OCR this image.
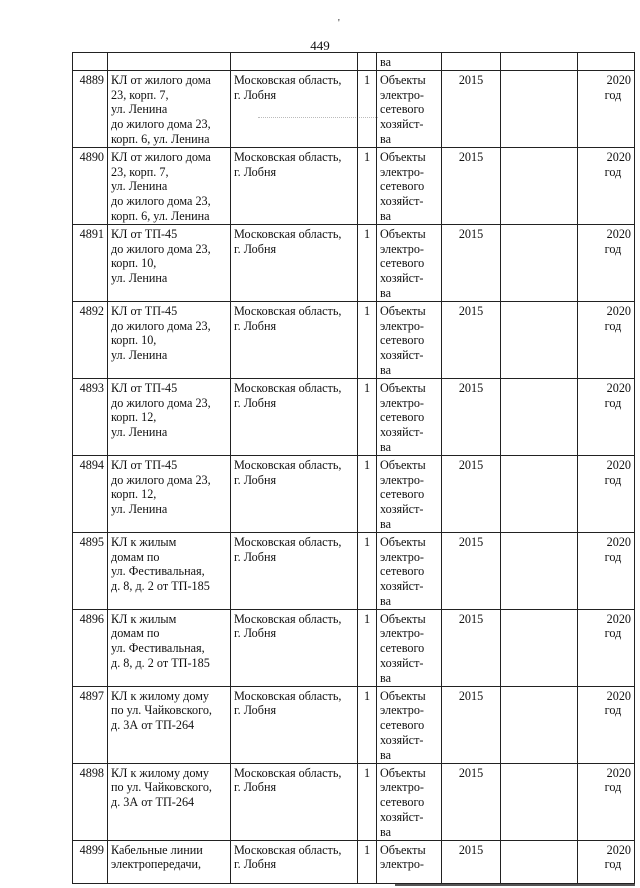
'
449
				ва			

4889	КЛ от жилого дома
23, корп. 7,
ул. Ленина
до жилого дома 23,
корп. 6, ул. Ленина	Московская область,
г. Лобня	1	Объекты
электро-
сетевого
хозяйст-
ва	2015		2020
год

4890	КЛ от жилого дома
23, корп. 7,
ул. Ленина
до жилого дома 23,
корп. 6, ул. Ленина	Московская область,
г. Лобня	1	Объекты
электро-
сетевого
хозяйст-
ва	2015		2020
год

4891	КЛ от ТП-45
до жилого дома 23,
корп. 10,
ул. Ленина	Московская область,
г. Лобня	1	Объекты
электро-
сетевого
хозяйст-
ва	2015		2020
год

4892	КЛ от ТП-45
до жилого дома 23,
корп. 10,
ул. Ленина	Московская область,
г. Лобня	1	Объекты
электро-
сетевого
хозяйст-
ва	2015		2020
год

4893	КЛ от ТП-45
до жилого дома 23,
корп. 12,
ул. Ленина	Московская область,
г. Лобня	1	Объекты
электро-
сетевого
хозяйст-
ва	2015		2020
год

4894	КЛ от ТП-45
до жилого дома 23,
корп. 12,
ул. Ленина	Московская область,
г. Лобня	1	Объекты
электро-
сетевого
хозяйст-
ва	2015		2020
год

4895	КЛ к жилым
домам по
ул. Фестивальная,
д. 8, д. 2 от ТП-185	Московская область,
г. Лобня	1	Объекты
электро-
сетевого
хозяйст-
ва	2015		2020
год

4896	КЛ к жилым
домам по
ул. Фестивальная,
д. 8, д. 2 от ТП-185	Московская область,
г. Лобня	1	Объекты
электро-
сетевого
хозяйст-
ва	2015		2020
год

4897	КЛ к жилому дому
по ул. Чайковского,
д. 3А от ТП-264	Московская область,
г. Лобня	1	Объекты
электро-
сетевого
хозяйст-
ва	2015		2020
год

4898	КЛ к жилому дому
по ул. Чайковского,
д. 3А от ТП-264	Московская область,
г. Лобня	1	Объекты
электро-
сетевого
хозяйст-
ва	2015		2020
год

4899	Кабельные линии
электропередачи,	Московская область,
г. Лобня	1	Объекты
электро-	2015		2020
год
